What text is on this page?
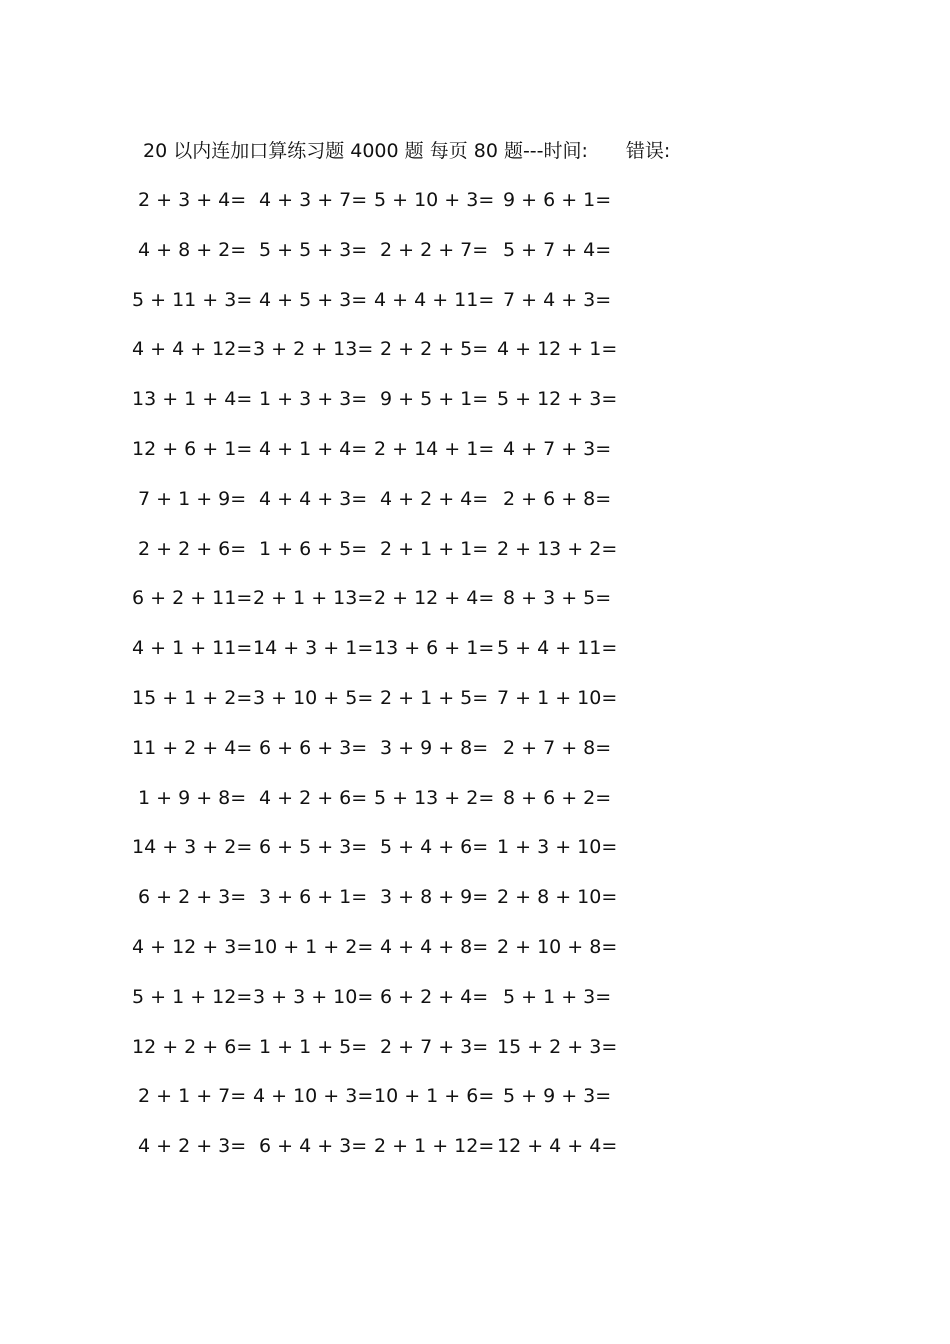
20 以内连加口算练习题 4000 题 每页 80 题---时间: 错误:
2 + 3 + 4= 4 + 3 + 7= 5 + 10 + 3= 9 + 6 + 1=
4 + 8 + 2= 5 + 5 + 3= 2 + 2 + 7= 5 + 7 + 4=
5 + 11 + 3= 4 + 5 + 3= 4 + 4 + 11= 7 + 4 + 3=
4 + 4 + 12= 3 + 2 + 13= 2 + 2 + 5= 4 + 12 + 1=
13 + 1 + 4= 1 + 3 + 3= 9 + 5 + 1= 5 + 12 + 3=
12 + 6 + 1= 4 + 1 + 4= 2 + 14 + 1= 4 + 7 + 3=
7 + 1 + 9= 4 + 4 + 3= 4 + 2 + 4= 2 + 6 + 8=
2 + 2 + 6= 1 + 6 + 5= 2 + 1 + 1= 2 + 13 + 2=
6 + 2 + 11= 2 + 1 + 13= 2 + 12 + 4= 8 + 3 + 5=
4 + 1 + 11= 14 + 3 + 1= 13 + 6 + 1= 5 + 4 + 11=
15 + 1 + 2= 3 + 10 + 5= 2 + 1 + 5= 7 + 1 + 10=
11 + 2 + 4= 6 + 6 + 3= 3 + 9 + 8= 2 + 7 + 8=
1 + 9 + 8= 4 + 2 + 6= 5 + 13 + 2= 8 + 6 + 2=
14 + 3 + 2= 6 + 5 + 3= 5 + 4 + 6= 1 + 3 + 10=
6 + 2 + 3= 3 + 6 + 1= 3 + 8 + 9= 2 + 8 + 10=
4 + 12 + 3= 10 + 1 + 2= 4 + 4 + 8= 2 + 10 + 8=
5 + 1 + 12= 3 + 3 + 10= 6 + 2 + 4= 5 + 1 + 3=
12 + 2 + 6= 1 + 1 + 5= 2 + 7 + 3= 15 + 2 + 3=
2 + 1 + 7= 4 + 10 + 3= 10 + 1 + 6= 5 + 9 + 3=
4 + 2 + 3= 6 + 4 + 3= 2 + 1 + 12= 12 + 4 + 4=
